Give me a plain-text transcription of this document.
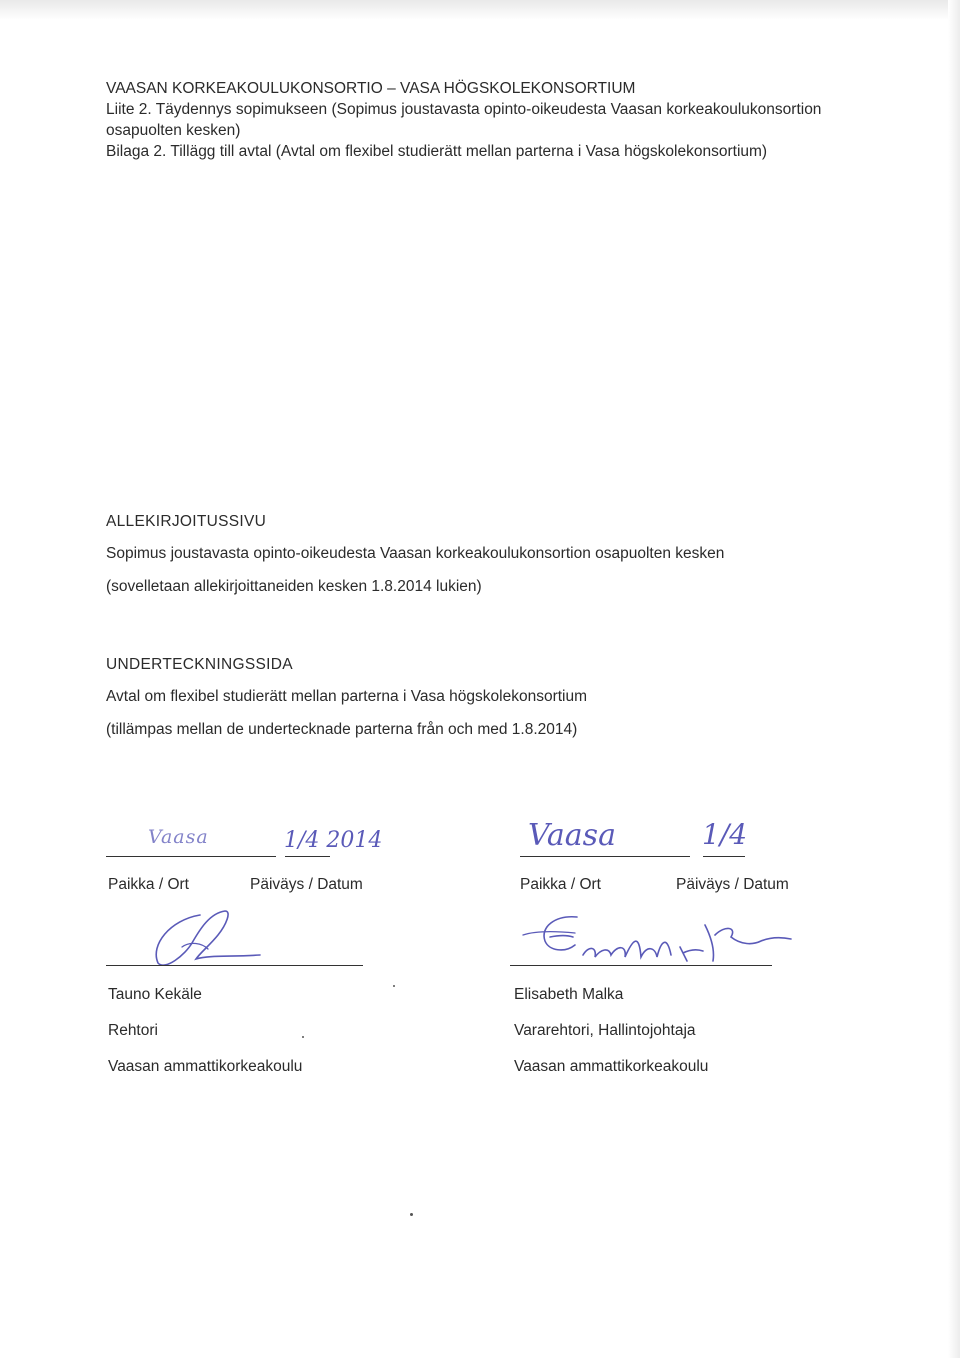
VAASAN KORKEAKOULUKONSORTIO – VASA HÖGSKOLEKONSORTIUM
Liite 2. Täydennys sopimukseen (Sopimus joustavasta opinto-oikeudesta Vaasan korkeakoulukonsortion
osapuolten kesken)
Bilaga 2. Tillägg till avtal (Avtal om flexibel studierätt mellan parterna i Vasa högskolekonsortium)
ALLEKIRJOITUSSIVU
Sopimus joustavasta opinto-oikeudesta Vaasan korkeakoulukonsortion osapuolten kesken
(sovelletaan allekirjoittaneiden kesken 1.8.2014 lukien)
UNDERTECKNINGSSIDA
Avtal om flexibel studierätt mellan parterna i Vasa högskolekonsortium
(tillämpas mellan de undertecknade parterna från och med 1.8.2014)
Vaasa	1/4 2014
Paikka / Ort	Päiväys / Datum
Tauno Kekäle
Rehtori
Vaasan ammattikorkeakoulu
Vaasa	1/4
Paikka / Ort	Päiväys / Datum
Elisabeth Malka
Vararehtori, Hallintojohtaja
Vaasan ammattikorkeakoulu
